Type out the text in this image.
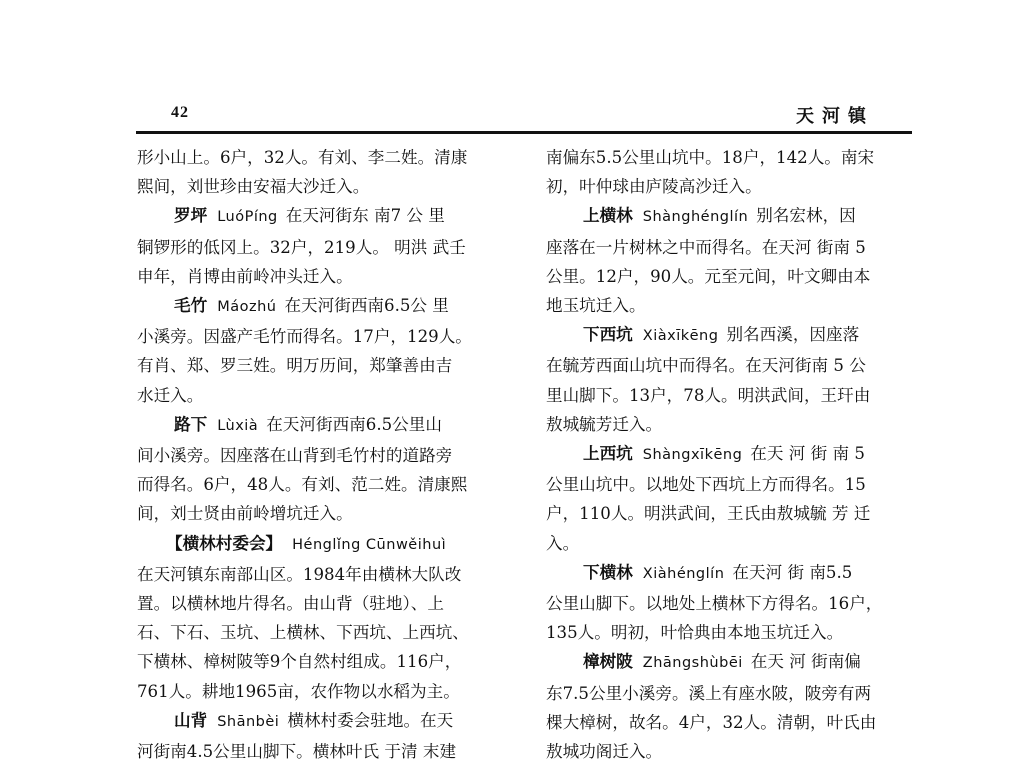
42	天河镇
形小山上。6户，32人。有刘、李二姓。清康
熙间，刘世珍由安福大沙迁入。
罗坪 LuóPíng 在天河街东 南7 公 里
铜锣形的低冈上。32户，219人。 明洪 武壬
申年，肖博由前岭冲头迁入。
毛竹 Máozhú 在天河街西南6.5公 里
小溪旁。因盛产毛竹而得名。17户，129人。
有肖、郑、罗三姓。明万历间，郑肇善由吉
水迁入。
路下 Lùxià 在天河街西南6.5公里山
间小溪旁。因座落在山背到毛竹村的道路旁
而得名。6户，48人。有刘、范二姓。清康熙
间，刘士贤由前岭增坑迁入。
【横林村委会】 Hénglǐng Cūnwěihuì
在天河镇东南部山区。1984年由横林大队改
置。以横林地片得名。由山背（驻地）、上
石、下石、玉坑、上横林、下西坑、上西坑、
下横林、樟树陂等9个自然村组成。116户，
761人。耕地1965亩，农作物以水稻为主。
山背 Shānbèi 横林村委会驻地。在天
河街南4.5公里山脚下。横林叶氏 于清 末建
南偏东5.5公里山坑中。18户，142人。南宋
初，叶仲球由庐陵高沙迁入。
上横林 Shànghénglín 别名宏林，因
座落在一片树林之中而得名。在天河 街南 5
公里。12户，90人。元至元间，叶文卿由本
地玉坑迁入。
下西坑 Xiàxīkēng 别名西溪，因座落
在毓芳西面山坑中而得名。在天河街南 5 公
里山脚下。13户，78人。明洪武间，王玕由
敖城毓芳迁入。
上西坑 Shàngxīkēng 在天 河 街 南 5
公里山坑中。以地处下西坑上方而得名。15
户，110人。明洪武间，王氏由敖城毓 芳 迁
入。
下横林 Xiàhénglín 在天河 街 南5.5
公里山脚下。以地处上横林下方得名。16户，
135人。明初，叶恰典由本地玉坑迁入。
樟树陂 Zhāngshùbēi 在天 河 街南偏
东7.5公里小溪旁。溪上有座水陂，陂旁有两
棵大樟树，故名。4户，32人。清朝，叶氏由
敖城功阁迁入。
